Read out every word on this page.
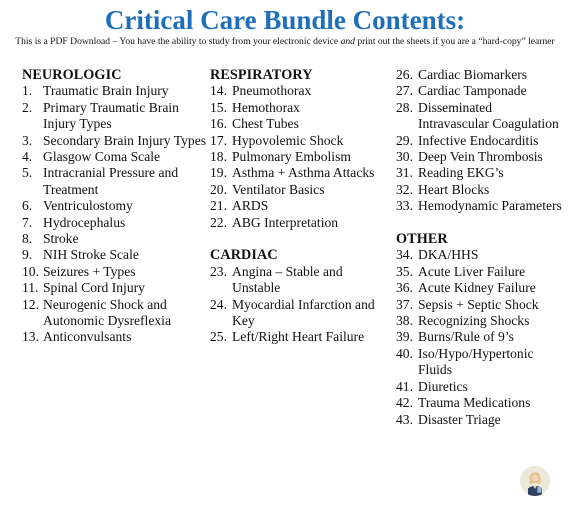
Critical Care Bundle Contents:

This is a PDF Download – You have the ability to study from your electronic device and print out the sheets if you are a “hard-copy” learner

NEUROLOGIC
1. Traumatic Brain Injury
2. Primary Traumatic Brain Injury Types
3. Secondary Brain Injury Types
4. Glasgow Coma Scale
5. Intracranial Pressure and Treatment
6. Ventriculostomy
7. Hydrocephalus
8. Stroke
9. NIH Stroke Scale
10. Seizures + Types
11. Spinal Cord Injury
12. Neurogenic Shock and Autonomic Dysreflexia
13. Anticonvulsants
RESPIRATORY
14. Pneumothorax
15. Hemothorax
16. Chest Tubes
17. Hypovolemic Shock
18. Pulmonary Embolism
19. Asthma + Asthma Attacks
20. Ventilator Basics
21. ARDS
22. ABG Interpretation
CARDIAC
23. Angina – Stable and Unstable
24. Myocardial Infarction and Key
25. Left/Right Heart Failure
26. Cardiac Biomarkers
27. Cardiac Tamponade
28. Disseminated Intravascular Coagulation
29. Infective Endocarditis
30. Deep Vein Thrombosis
31. Reading EKG’s
32. Heart Blocks
33. Hemodynamic Parameters
OTHER
34. DKA/HHS
35. Acute Liver Failure
36. Acute Kidney Failure
37. Sepsis + Septic Shock
38. Recognizing Shocks
39. Burns/Rule of 9’s
40. Iso/Hypo/Hypertonic Fluids
41. Diuretics
42. Trauma Medications
43. Disaster Triage
